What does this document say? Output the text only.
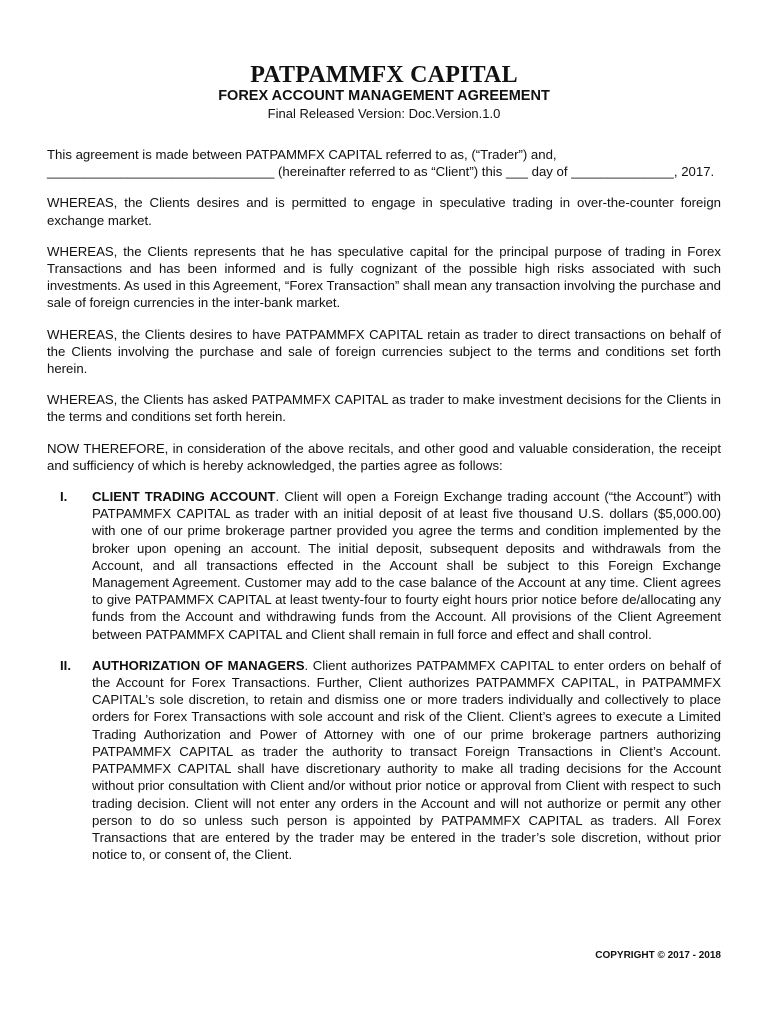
PATPAMMFX CAPITAL
FOREX ACCOUNT MANAGEMENT AGREEMENT
Final Released Version: Doc.Version.1.0

This agreement is made between PATPAMMFX CAPITAL referred to as, (“Trader”) and,
_______________________________ (hereinafter referred to as “Client”) this ___ day of ______________, 2017.

WHEREAS, the Clients desires and is permitted to engage in speculative trading in over-the-counter foreign exchange market.

WHEREAS, the Clients represents that he has speculative capital for the principal purpose of trading in Forex Transactions and has been informed and is fully cognizant of the possible high risks associated with such investments. As used in this Agreement, “Forex Transaction” shall mean any transaction involving the purchase and sale of foreign currencies in the inter-bank market.

WHEREAS, the Clients desires to have PATPAMMFX CAPITAL retain as trader to direct transactions on behalf of the Clients involving the purchase and sale of foreign currencies subject to the terms and conditions set forth herein.

WHEREAS, the Clients has asked PATPAMMFX CAPITAL as trader to make investment decisions for the Clients in the terms and conditions set forth herein.

NOW THEREFORE, in consideration of the above recitals, and other good and valuable consideration, the receipt and sufficiency of which is hereby acknowledged, the parties agree as follows:

I. CLIENT TRADING ACCOUNT. Client will open a Foreign Exchange trading account (“the Account”) with PATPAMMFX CAPITAL as trader with an initial deposit of at least five thousand U.S. dollars ($5,000.00) with one of our prime brokerage partner provided you agree the terms and condition implemented by the broker upon opening an account. The initial deposit, subsequent deposits and withdrawals from the Account, and all transactions effected in the Account shall be subject to this Foreign Exchange Management Agreement. Customer may add to the case balance of the Account at any time. Client agrees to give PATPAMMFX CAPITAL at least twenty-four to fourty eight hours prior notice before de/allocating any funds from the Account and withdrawing funds from the Account. All provisions of the Client Agreement between PATPAMMFX CAPITAL and Client shall remain in full force and effect and shall control.
II. AUTHORIZATION OF MANAGERS. Client authorizes PATPAMMFX CAPITAL to enter orders on behalf of the Account for Forex Transactions. Further, Client authorizes PATPAMMFX CAPITAL, in PATPAMMFX CAPITAL’s sole discretion, to retain and dismiss one or more traders individually and collectively to place orders for Forex Transactions with sole account and risk of the Client. Client’s agrees to execute a Limited Trading Authorization and Power of Attorney with one of our prime brokerage partners authorizing PATPAMMFX CAPITAL as trader the authority to transact Foreign Transactions in Client’s Account. PATPAMMFX CAPITAL shall have discretionary authority to make all trading decisions for the Account without prior consultation with Client and/or without prior notice or approval from Client with respect to such trading decision. Client will not enter any orders in the Account and will not authorize or permit any other person to do so unless such person is appointed by PATPAMMFX CAPITAL as traders. All Forex Transactions that are entered by the trader may be entered in the trader’s sole discretion, without prior notice to, or consent of, the Client.
COPYRIGHT © 2017 - 2018
